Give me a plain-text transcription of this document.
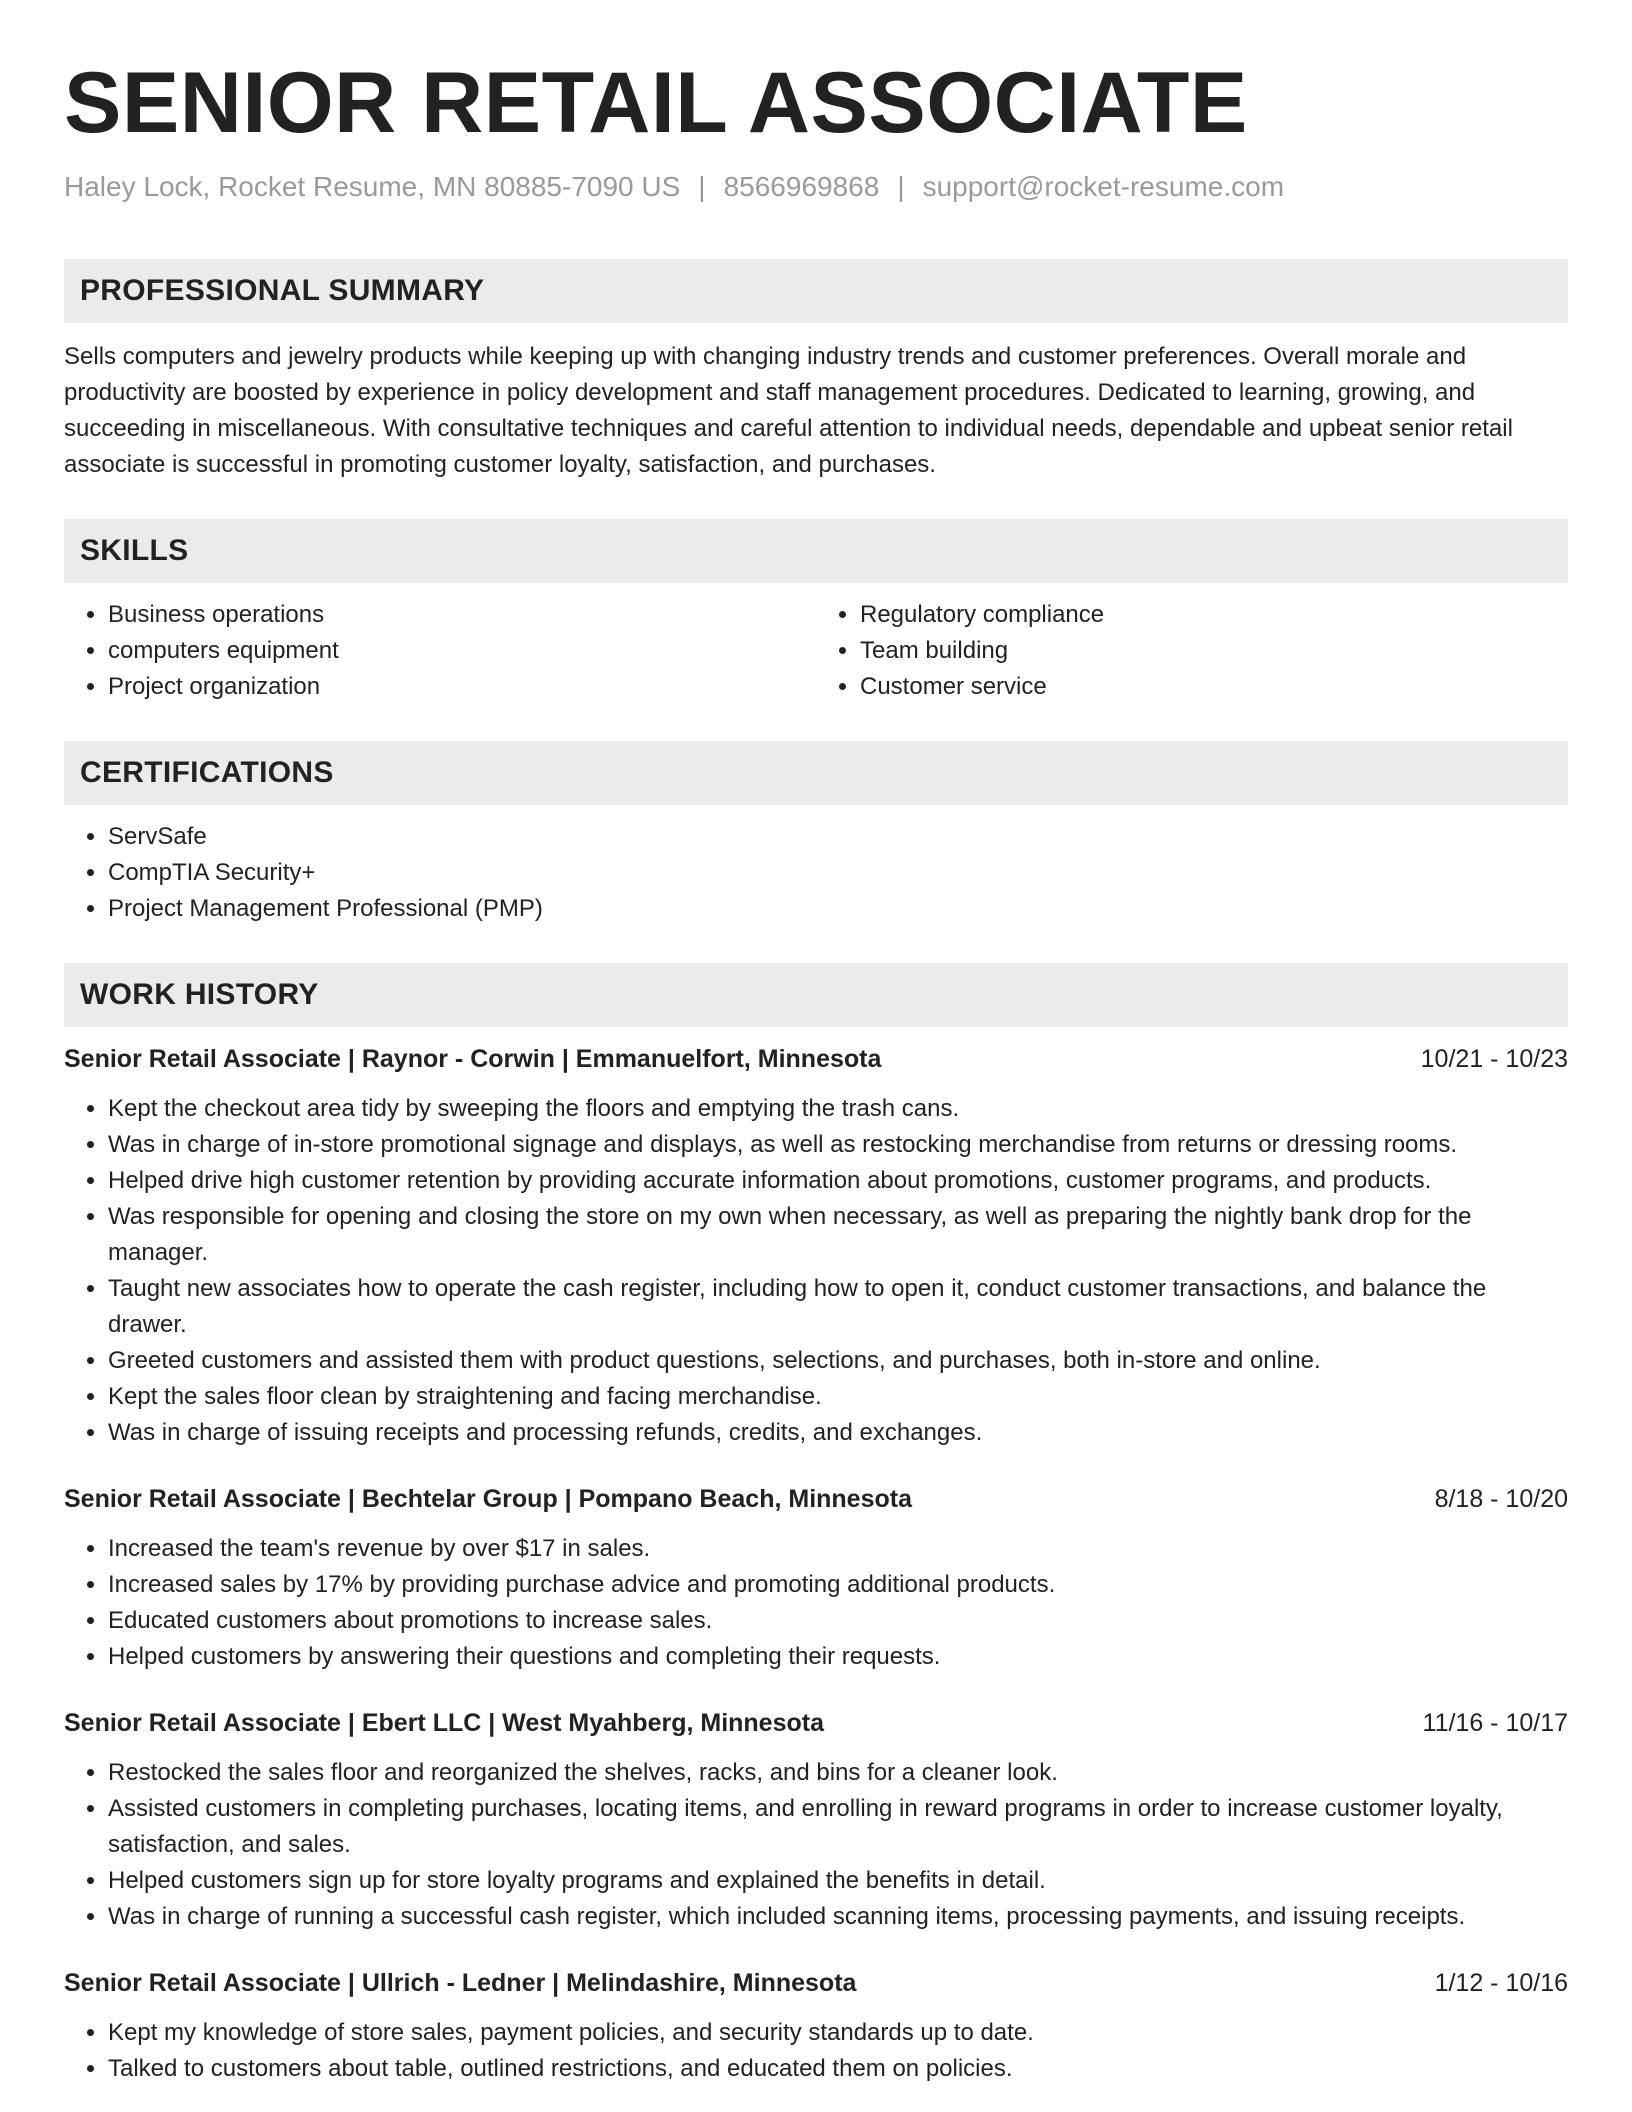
SENIOR RETAIL ASSOCIATE
Haley Lock, Rocket Resume, MN 80885-7090 US | 8566969868 | support@rocket-resume.com
PROFESSIONAL SUMMARY
Sells computers and jewelry products while keeping up with changing industry trends and customer preferences. Overall morale and productivity are boosted by experience in policy development and staff management procedures. Dedicated to learning, growing, and succeeding in miscellaneous. With consultative techniques and careful attention to individual needs, dependable and upbeat senior retail associate is successful in promoting customer loyalty, satisfaction, and purchases.
SKILLS
• Business operations
• computers equipment
• Project organization
• Regulatory compliance
• Team building
• Customer service
CERTIFICATIONS
• ServSafe
• CompTIA Security+
• Project Management Professional (PMP)
WORK HISTORY
Senior Retail Associate | Raynor - Corwin | Emmanuelfort, Minnesota	10/21 - 10/23
• Kept the checkout area tidy by sweeping the floors and emptying the trash cans.
• Was in charge of in-store promotional signage and displays, as well as restocking merchandise from returns or dressing rooms.
• Helped drive high customer retention by providing accurate information about promotions, customer programs, and products.
• Was responsible for opening and closing the store on my own when necessary, as well as preparing the nightly bank drop for the manager.
• Taught new associates how to operate the cash register, including how to open it, conduct customer transactions, and balance the drawer.
• Greeted customers and assisted them with product questions, selections, and purchases, both in-store and online.
• Kept the sales floor clean by straightening and facing merchandise.
• Was in charge of issuing receipts and processing refunds, credits, and exchanges.
Senior Retail Associate | Bechtelar Group | Pompano Beach, Minnesota	8/18 - 10/20
• Increased the team's revenue by over $17 in sales.
• Increased sales by 17% by providing purchase advice and promoting additional products.
• Educated customers about promotions to increase sales.
• Helped customers by answering their questions and completing their requests.
Senior Retail Associate | Ebert LLC | West Myahberg, Minnesota	11/16 - 10/17
• Restocked the sales floor and reorganized the shelves, racks, and bins for a cleaner look.
• Assisted customers in completing purchases, locating items, and enrolling in reward programs in order to increase customer loyalty, satisfaction, and sales.
• Helped customers sign up for store loyalty programs and explained the benefits in detail.
• Was in charge of running a successful cash register, which included scanning items, processing payments, and issuing receipts.
Senior Retail Associate | Ullrich - Ledner | Melindashire, Minnesota	1/12 - 10/16
• Kept my knowledge of store sales, payment policies, and security standards up to date.
• Talked to customers about table, outlined restrictions, and educated them on policies.
